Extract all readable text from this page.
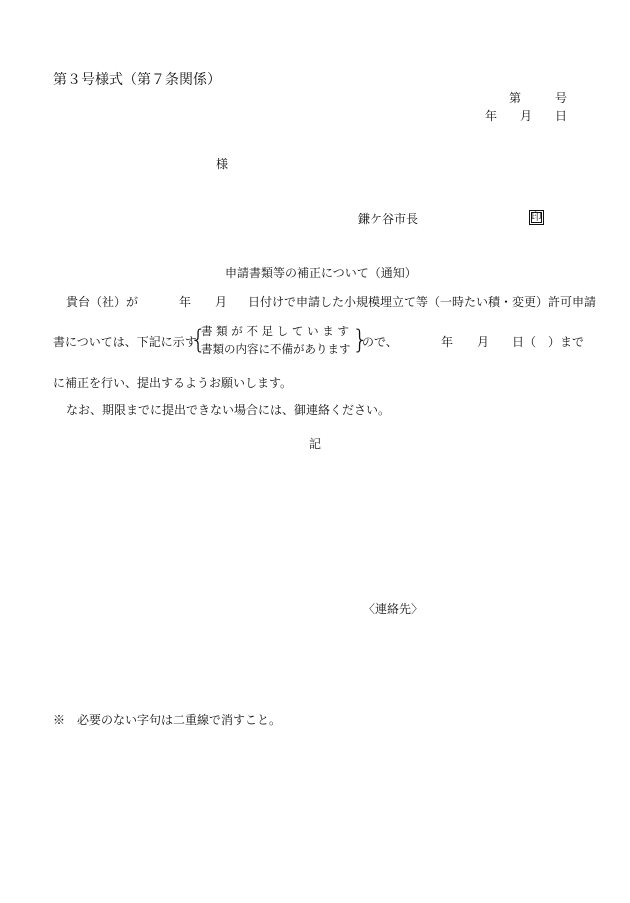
第３号様式（第７条関係）
第	号
年 月 日
様
鎌ケ谷市長	印
申請書類等の補正について（通知）
貴台（社）が	年 月 日付けで申請した小規模埋立て等（一時たい積・変更）許可申請
書については、下記に示す
{	}
書 類 が 不 足 し て い ま す
書類の内容に不備があります ので、	年 月 日（　）まで
に補正を行い、提出するようお願いします。
なお、期限までに提出できない場合には、御連絡ください。
記
〈連絡先〉
※　必要のない字句は二重線で消すこと。
